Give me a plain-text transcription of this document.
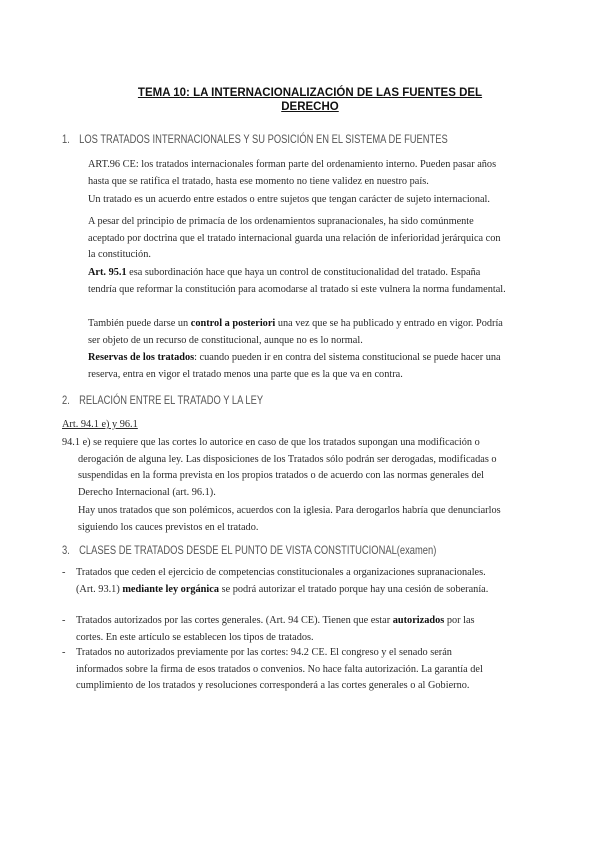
TEMA 10: LA INTERNACIONALIZACIÓN DE LAS FUENTES DEL DERECHO
1. LOS TRATADOS INTERNACIONALES Y SU POSICIÓN EN EL SISTEMA DE FUENTES
ART.96 CE: los tratados internacionales forman parte del ordenamiento interno. Pueden pasar años hasta que se ratifica el tratado, hasta ese momento no tiene validez en nuestro país.
Un tratado es un acuerdo entre estados o entre sujetos que tengan carácter de sujeto internacional.
A pesar del principio de primacía de los ordenamientos supranacionales, ha sido comúnmente aceptado por doctrina que el tratado internacional guarda una relación de inferioridad jerárquica con la constitución.
Art. 95.1 esa subordinación hace que haya un control de constitucionalidad del tratado. España tendría que reformar la constitución para acomodarse al tratado si este vulnera la norma fundamental.
También puede darse un control a posteriori una vez que se ha publicado y entrado en vigor. Podría ser objeto de un recurso de constitucional, aunque no es lo normal.
Reservas de los tratados: cuando pueden ir en contra del sistema constitucional se puede hacer una reserva, entra en vigor el tratado menos una parte que es la que va en contra.
2. RELACIÓN ENTRE EL TRATADO Y LA LEY
Art. 94.1 e) y 96.1
94.1 e) se requiere que las cortes lo autorice en caso de que los tratados supongan una modificación o derogación de alguna ley. Las disposiciones de los Tratados sólo podrán ser derogadas, modificadas o suspendidas en la forma prevista en los propios tratados o de acuerdo con las normas generales del Derecho Internacional (art. 96.1).
Hay unos tratados que son polémicos, acuerdos con la iglesia. Para derogarlos habría que denunciarlos siguiendo los cauces previstos en el tratado.
3. CLASES DE TRATADOS DESDE EL PUNTO DE VISTA CONSTITUCIONAL(examen)
-	Tratados que ceden el ejercicio de competencias constitucionales a organizaciones supranacionales. (Art. 93.1) mediante ley orgánica se podrá autorizar el tratado porque hay una cesión de soberanía.
-	Tratados autorizados por las cortes generales. (Art. 94 CE). Tienen que estar autorizados por las cortes. En este artículo se establecen los tipos de tratados.
-	Tratados no autorizados previamente por las cortes: 94.2 CE. El congreso y el senado serán informados sobre la firma de esos tratados o convenios. No hace falta autorización. La garantía del cumplimiento de los tratados y resoluciones corresponderá a las cortes generales o al Gobierno.
